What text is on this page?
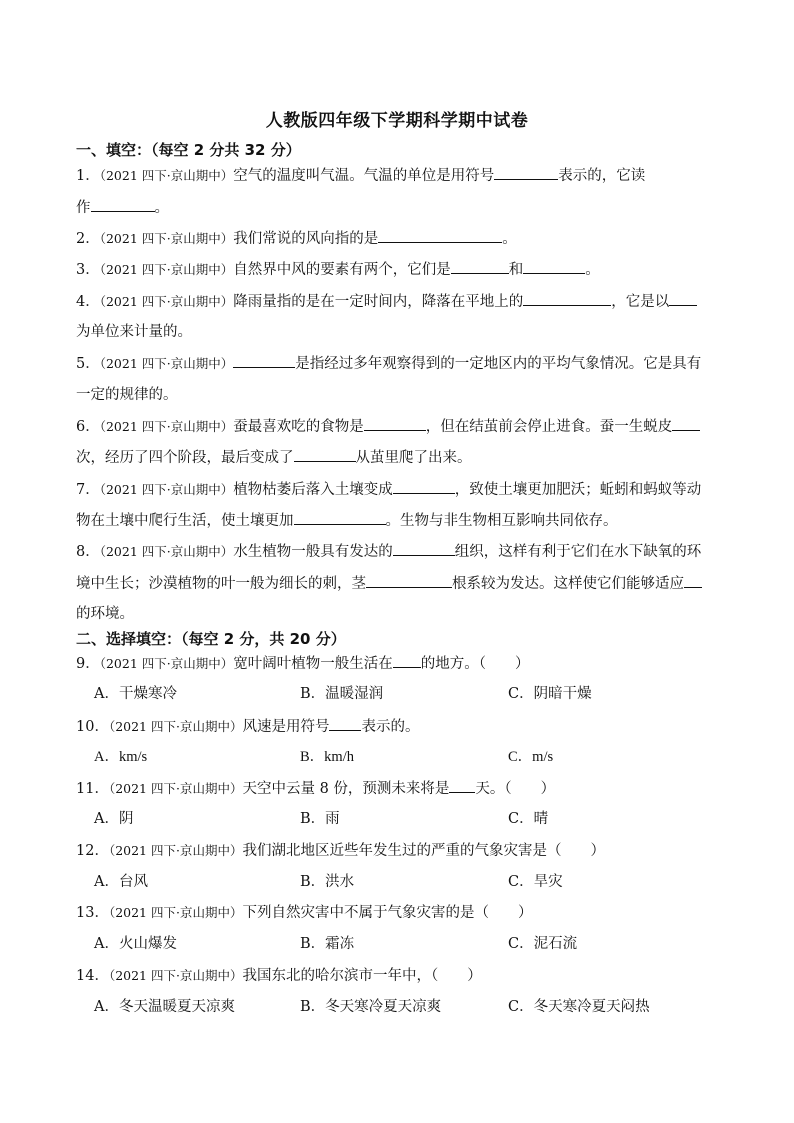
人教版四年级下学期科学期中试卷
一、填空：（每空 2 分共 32 分）
1．（2021 四下·京山期中）空气的温度叫气温。气温的单位是用符号	表示的，它读
作	。
2．（2021 四下·京山期中）我们常说的风向指的是	。
3．（2021 四下·京山期中）自然界中风的要素有两个，它们是	和	。
4．（2021 四下·京山期中）降雨量指的是在一定时间内，降落在平地上的	，它是以
为单位来计量的。
5．（2021 四下·京山期中）	是指经过多年观察得到的一定地区内的平均气象情况。它是具有
一定的规律的。
6．（2021 四下·京山期中）蚕最喜欢吃的食物是	，但在结茧前会停止进食。蚕一生蜕皮
次，经历了四个阶段，最后变成了	从茧里爬了出来。
7．（2021 四下·京山期中）植物枯萎后落入土壤变成	，致使土壤更加肥沃；蚯蚓和蚂蚁等动
物在土壤中爬行生活，使土壤更加	。生物与非生物相互影响共同依存。
8．（2021 四下·京山期中）水生植物一般具有发达的	组织，这样有利于它们在水下缺氧的环
境中生长；沙漠植物的叶一般为细长的刺，茎	根系较为发达。这样使它们能够适应
的环境。
二、选择填空：（每空 2 分，共 20 分）
9．（2021 四下·京山期中）宽叶阔叶植物一般生活在 的地方。（　　）
A．干燥寒冷	B．温暖湿润	C．阴暗干燥
10．（2021 四下·京山期中）风速是用符号 表示的。
A．km/s	B．km/h	C．m/s
11．（2021 四下·京山期中）天空中云量 8 份，预测未来将是 天。（　　）
A．阴	B．雨	C．晴
12．（2021 四下·京山期中）我们湖北地区近些年发生过的严重的气象灾害是（　　）
A．台风	B．洪水	C．旱灾
13．（2021 四下·京山期中）下列自然灾害中不属于气象灾害的是（　　）
A．火山爆发	B．霜冻	C．泥石流
14．（2021 四下·京山期中）我国东北的哈尔滨市一年中，（　　）
A．冬天温暖夏天凉爽	B．冬天寒冷夏天凉爽	C．冬天寒冷夏天闷热
